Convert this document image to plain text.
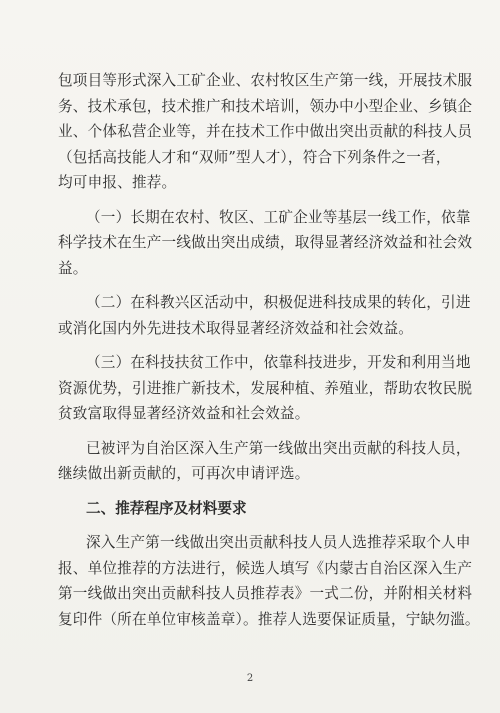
包项目等形式深入工矿企业、农村牧区生产第一线，开展技术服
务、技术承包，技术推广和技术培训，领办中小型企业、乡镇企
业、个体私营企业等，并在技术工作中做出突出贡献的科技人员
（包括高技能人才和“双师”型人才），符合下列条件之一者，
均可申报、推荐。
（一）长期在农村、牧区、工矿企业等基层一线工作，依靠
科学技术在生产一线做出突出成绩，取得显著经济效益和社会效
益。
（二）在科教兴区活动中，积极促进科技成果的转化，引进
或消化国内外先进技术取得显著经济效益和社会效益。
（三）在科技扶贫工作中，依靠科技进步，开发和利用当地
资源优势，引进推广新技术，发展种植、养殖业，帮助农牧民脱
贫致富取得显著经济效益和社会效益。
已被评为自治区深入生产第一线做出突出贡献的科技人员，
继续做出新贡献的，可再次申请评选。
二、推荐程序及材料要求
深入生产第一线做出突出贡献科技人员人选推荐采取个人申
报、单位推荐的方法进行，候选人填写《内蒙古自治区深入生产
第一线做出突出贡献科技人员推荐表》一式二份，并附相关材料
复印件（所在单位审核盖章）。推荐人选要保证质量，宁缺勿滥。
2
